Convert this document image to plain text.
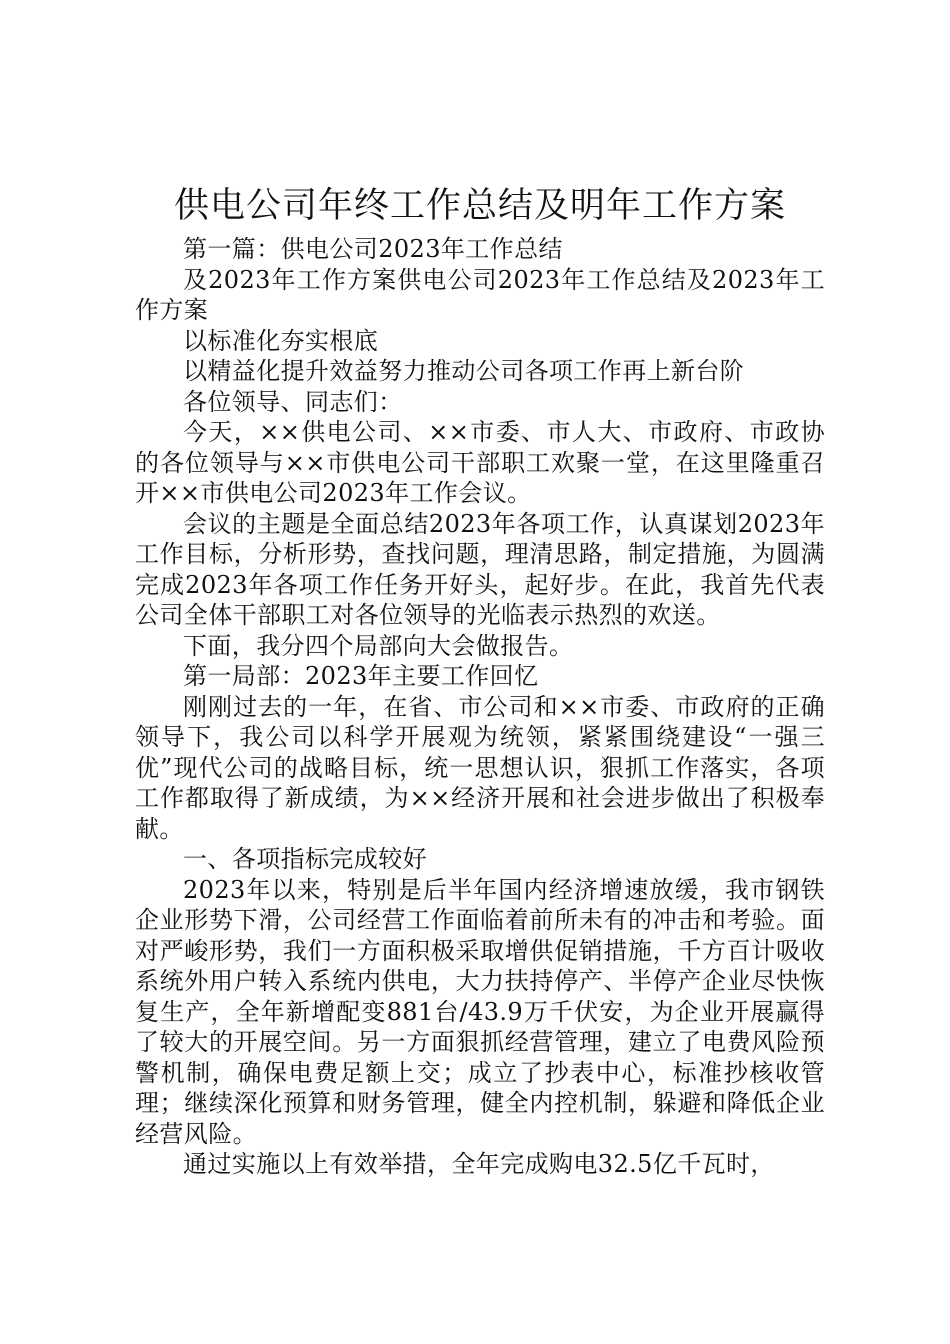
供电公司年终工作总结及明年工作方案

第一篇：供电公司2023年工作总结

及2023年工作方案供电公司2023年工作总结及2023年工作方案

以标准化夯实根底

以精益化提升效益努力推动公司各项工作再上新台阶

各位领导、同志们：

今天，××供电公司、××市委、市人大、市政府、市政协的各位领导与××市供电公司干部职工欢聚一堂，在这里隆重召开××市供电公司2023年工作会议。

会议的主题是全面总结2023年各项工作，认真谋划2023年工作目标，分析形势，查找问题，理清思路，制定措施，为圆满完成2023年各项工作任务开好头，起好步。在此，我首先代表公司全体干部职工对各位领导的光临表示热烈的欢送。

下面，我分四个局部向大会做报告。

第一局部：2023年主要工作回忆

刚刚过去的一年，在省、市公司和××市委、市政府的正确领导下，我公司以科学开展观为统领，紧紧围绕建设“一强三优”现代公司的战略目标，统一思想认识，狠抓工作落实，各项工作都取得了新成绩，为××经济开展和社会进步做出了积极奉献。

一、各项指标完成较好

2023年以来，特别是后半年国内经济增速放缓，我市钢铁企业形势下滑，公司经营工作面临着前所未有的冲击和考验。面对严峻形势，我们一方面积极采取增供促销措施，千方百计吸收系统外用户转入系统内供电，大力扶持停产、半停产企业尽快恢复生产，全年新增配变881台/43.9万千伏安，为企业开展赢得了较大的开展空间。另一方面狠抓经营管理，建立了电费风险预警机制，确保电费足额上交；成立了抄表中心，标准抄核收管理；继续深化预算和财务管理，健全内控机制，躲避和降低企业经营风险。

通过实施以上有效举措，全年完成购电32.5亿千瓦时，
